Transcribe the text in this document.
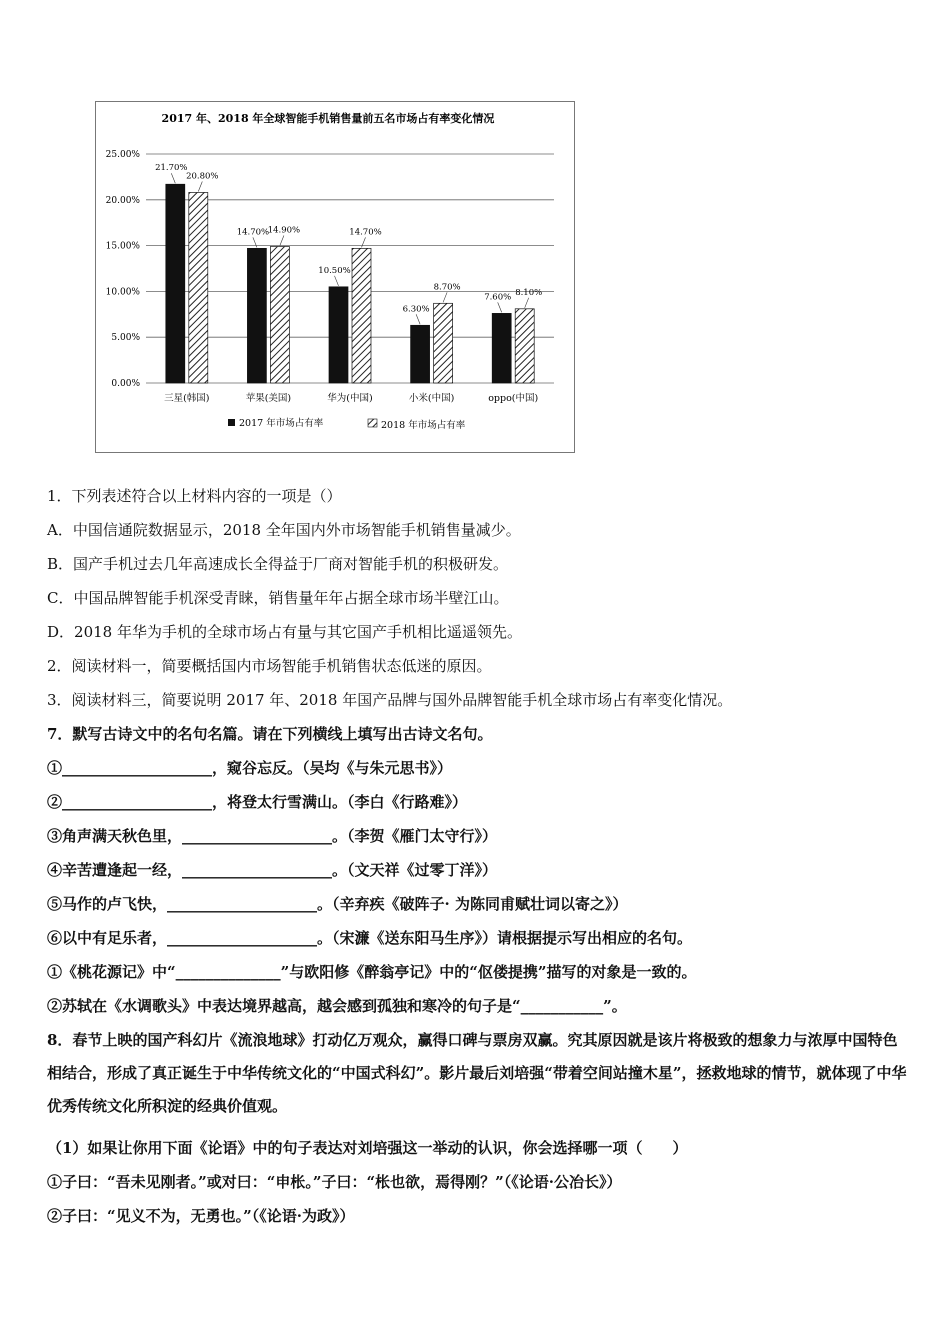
2017 年、2018 年全球智能手机销售量前五名市场占有率变化情况
0.00%
5.00%
10.00%
15.00%
20.00%
25.00%
21.70%
20.80%
三星(韩国)
14.70%
14.90%
苹果(美国)
10.50%
14.70%
华为(中国)
6.30%
8.70%
小米(中国)
7.60% 8.10%
oppo(中国)
2017 年市场占有率	2018 年市场占有率
1．下列表述符合以上材料内容的一项是（）
A．中国信通院数据显示，2018 全年国内外市场智能手机销售量减少。
B．国产手机过去几年高速成长全得益于厂商对智能手机的积极研发。
C．中国品牌智能手机深受青睐，销售量年年占据全球市场半壁江山。
D．2018 年华为手机的全球市场占有量与其它国产手机相比遥遥领先。
2．阅读材料一，简要概括国内市场智能手机销售状态低迷的原因。
3．阅读材料三，简要说明 2017 年、2018 年国产品牌与国外品牌智能手机全球市场占有率变化情况。
7．默写古诗文中的名句名篇。请在下列横线上填写出古诗文名句。
①____________________，窥谷忘反。（吴均《与朱元思书》）
②____________________，将登太行雪满山。（李白《行路难》）
③角声满天秋色里，____________________。（李贺《雁门太守行》）
④辛苦遭逢起一经，____________________。（文天祥《过零丁洋》）
⑤马作的卢飞快，____________________。（辛弃疾《破阵子· 为陈同甫赋壮词以寄之》）
⑥以中有足乐者，____________________。（宋濂《送东阳马生序》）请根据提示写出相应的名句。
①《桃花源记》中“______________”与欧阳修《醉翁亭记》中的“伛偻提携”描写的对象是一致的。
②苏轼在《水调歌头》中表达境界越高，越会感到孤独和寒冷的句子是“___________”。
8．春节上映的国产科幻片《流浪地球》打动亿万观众，赢得口碑与票房双赢。究其原因就是该片将极致的想象力与浓厚中国特色相结合，形成了真正诞生于中华传统文化的“中国式科幻”。影片最后刘培强“带着空间站撞木星”，拯救地球的情节，就体现了中华优秀传统文化所积淀的经典价值观。
（1）如果让你用下面《论语》中的句子表达对刘培强这一举动的认识，你会选择哪一项（　　）
①子曰：“吾未见刚者。”或对曰：“申枨。”子曰：“枨也欲，焉得刚？”（《论语·公冶长》）
②子曰：“见义不为，无勇也。”（《论语·为政》）
